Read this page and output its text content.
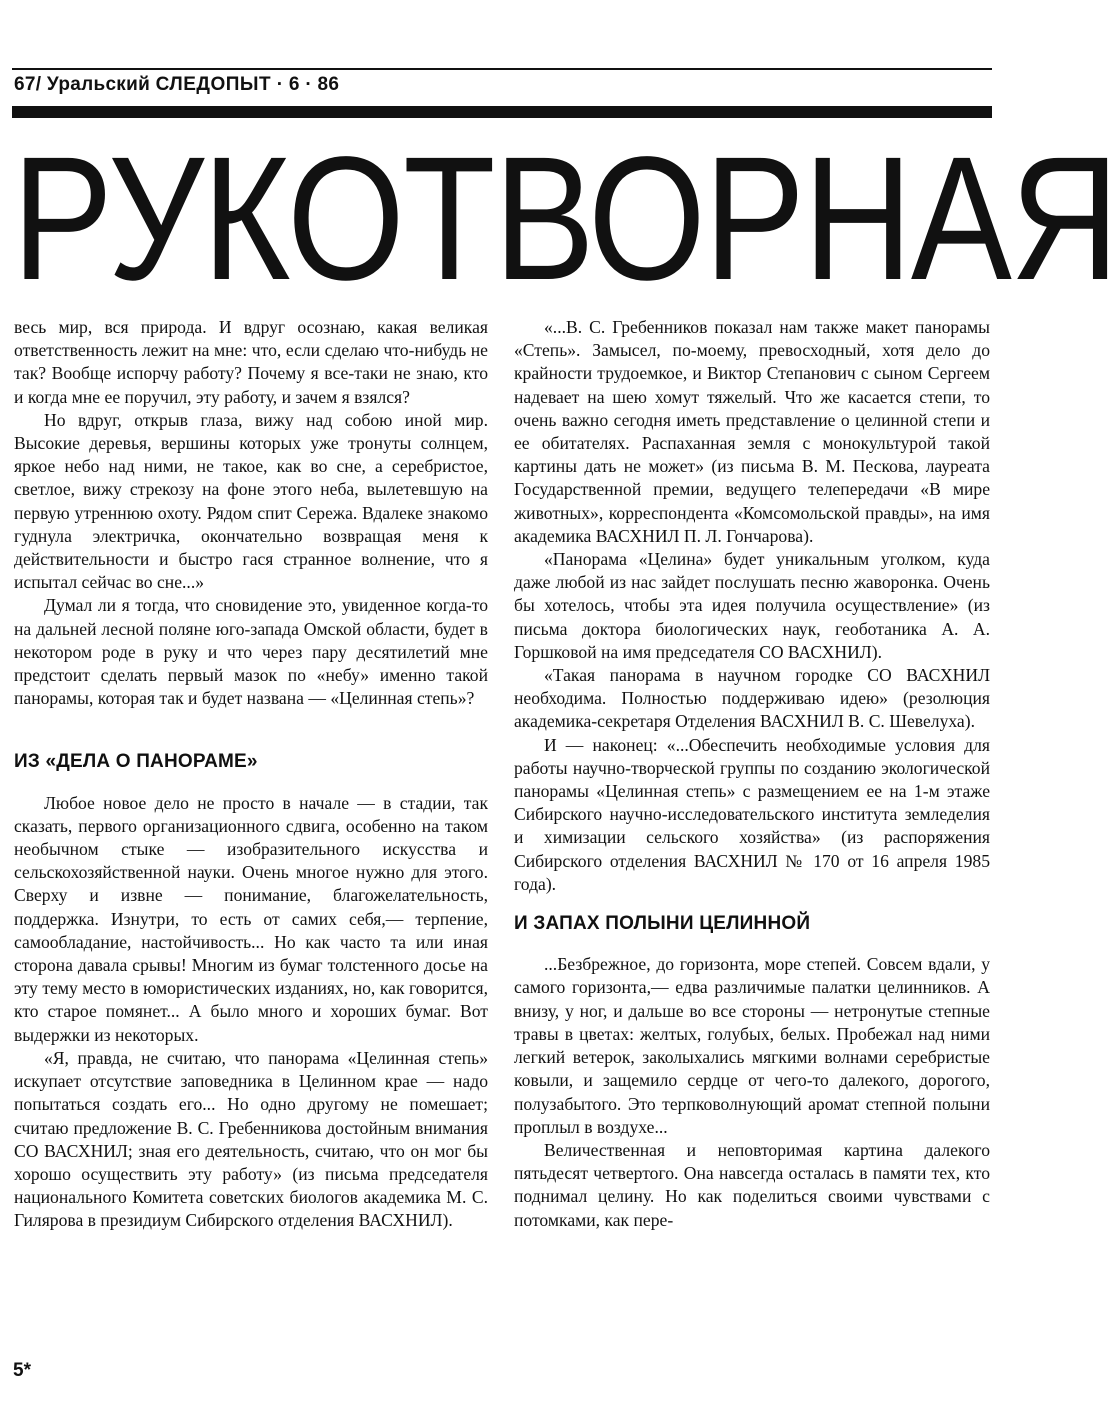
67/ Уральский СЛЕДОПЫТ · 6 · 86
РУКОТВОРНАЯ

весь мир, вся природа. И вдруг осознаю, какая великая ответственность лежит на мне: что, если сделаю что-нибудь не так? Вообще испорчу работу? Почему я все-таки не знаю, кто и когда мне ее поручил, эту работу, и зачем я взялся?

Но вдруг, открыв глаза, вижу над собою иной мир. Высокие деревья, вершины которых уже тронуты солнцем, яркое небо над ними, не такое, как во сне, а серебристое, светлое, вижу стрекозу на фоне этого неба, вылетевшую на первую утреннюю охоту. Рядом спит Сережа. Вдалеке знакомо гуднула электричка, окончательно возвращая меня к действительности и быстро гася странное волнение, что я испытал сейчас во сне...»

Думал ли я тогда, что сновидение это, увиденное когда-то на дальней лесной поляне юго-запада Омской области, будет в некотором роде в руку и что через пару десятилетий мне предстоит сделать первый мазок по «небу» именно такой панорамы, которая так и будет названа — «Целинная степь»?

ИЗ «ДЕЛА О ПАНОРАМЕ»

Любое новое дело не просто в начале — в стадии, так сказать, первого организационного сдвига, особенно на таком необычном стыке — изобразительного искусства и сельскохозяйственной науки. Очень многое нужно для этого. Сверху и извне — понимание, благожелательность, поддержка. Изнутри, то есть от самих себя,— терпение, самообладание, настойчивость... Но как часто та или иная сторона давала срывы! Многим из бумаг толстенного досье на эту тему место в юмористических изданиях, но, как говорится, кто старое помянет... А было много и хороших бумаг. Вот выдержки из некоторых.

«Я, правда, не считаю, что панорама «Целинная степь» искупает отсутствие заповедника в Целинном крае — надо попытаться создать его... Но одно другому не помешает; считаю предложение В. С. Гребенникова достойным внимания СО ВАСХНИЛ; зная его деятельность, считаю, что он мог бы хорошо осуществить эту работу» (из письма председателя национального Комитета советских биологов академика М. С. Гилярова в президиум Сибирского отделения ВАСХНИЛ).

«...В. С. Гребенников показал нам также макет панорамы «Степь». Замысел, по-моему, превосходный, хотя дело до крайности трудоемкое, и Виктор Степанович с сыном Сергеем надевает на шею хомут тяжелый. Что же касается степи, то очень важно сегодня иметь представление о целинной степи и ее обитателях. Распаханная земля с монокультурой такой картины дать не может» (из письма В. М. Пескова, лауреата Государственной премии, ведущего телепередачи «В мире животных», корреспондента «Комсомольской правды», на имя академика ВАСХНИЛ П. Л. Гончарова).

«Панорама «Целина» будет уникальным уголком, куда даже любой из нас зайдет послушать песню жаворонка. Очень бы хотелось, чтобы эта идея получила осуществление» (из письма доктора биологических наук, геоботаника А. А. Горшковой на имя председателя СО ВАСХНИЛ).

«Такая панорама в научном городке СО ВАСХНИЛ необходима. Полностью поддерживаю идею» (резолюция академика-секретаря Отделения ВАСХНИЛ В. С. Шевелуха).

И — наконец: «...Обеспечить необходимые условия для работы научно-творческой группы по созданию экологической панорамы «Целинная степь» с размещением ее на 1-м этаже Сибирского научно-исследовательского института земледелия и химизации сельского хозяйства» (из распоряжения Сибирского отделения ВАСХНИЛ № 170 от 16 апреля 1985 года).

И ЗАПАХ ПОЛЫНИ ЦЕЛИННОЙ

...Безбрежное, до горизонта, море степей. Совсем вдали, у самого горизонта,— едва различимые палатки целинников. А внизу, у ног, и дальше во все стороны — нетронутые степные травы в цветах: желтых, голубых, белых. Пробежал над ними легкий ветерок, заколыхались мягкими волнами серебристые ковыли, и защемило сердце от чего-то далекого, дорогого, полузабытого. Это терпковолнующий аромат степной полыни проплыл в воздухе...

Величественная и неповторимая картина далекого пятьдесят четвертого. Она навсегда осталась в памяти тех, кто поднимал целину. Но как поделиться своими чувствами с потомками, как пере-

5*
